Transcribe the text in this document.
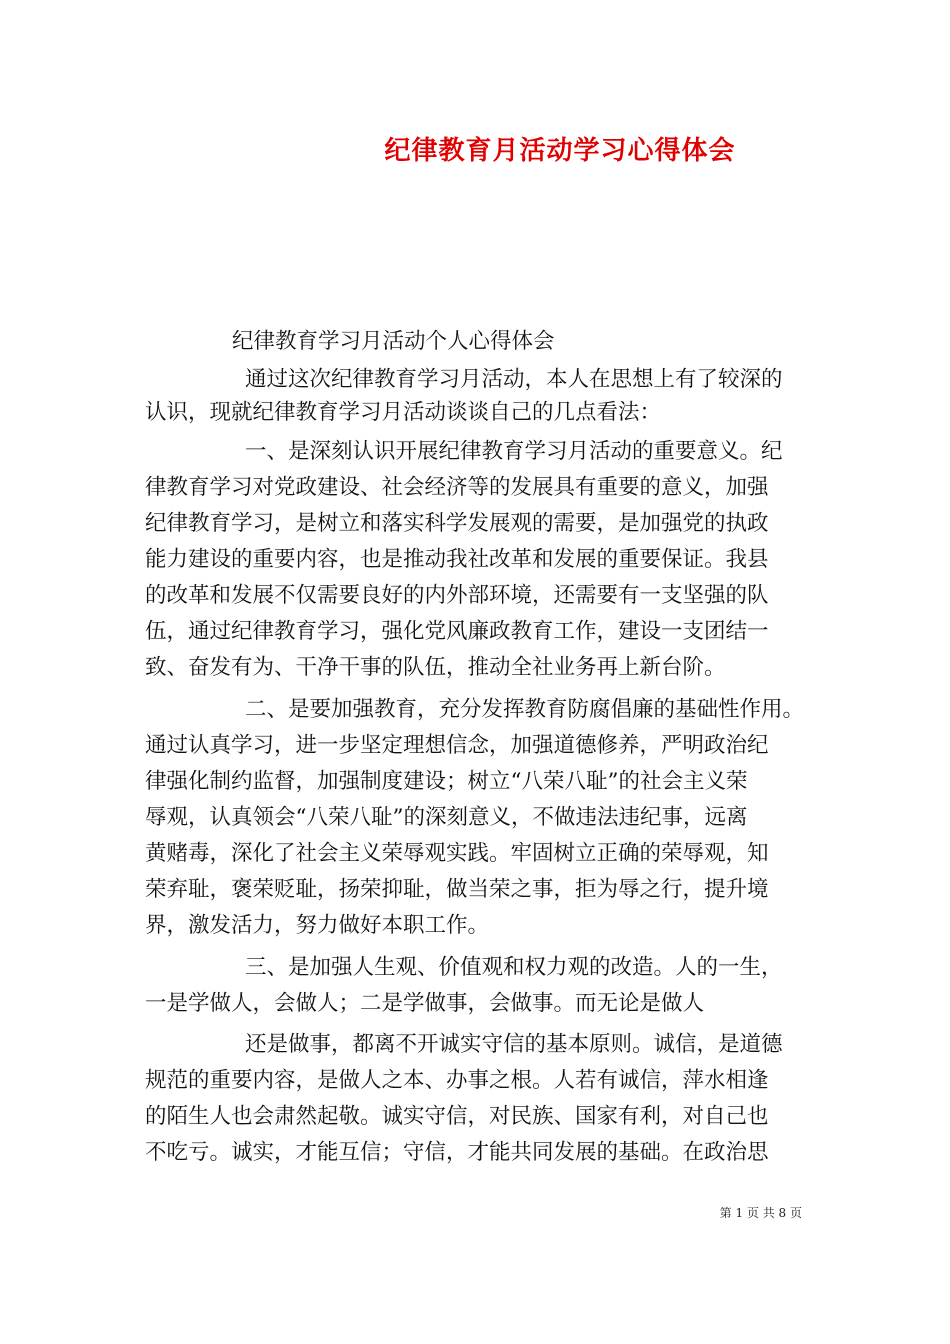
纪律教育月活动学习心得体会
纪律教育学习月活动个人心得体会
通过这次纪律教育学习月活动，本人在思想上有了较深的
认识，现就纪律教育学习月活动谈谈自己的几点看法：
一、是深刻认识开展纪律教育学习月活动的重要意义。纪
律教育学习对党政建设、社会经济等的发展具有重要的意义，加强
纪律教育学习，是树立和落实科学发展观的需要，是加强党的执政
能力建设的重要内容，也是推动我社改革和发展的重要保证。我县
的改革和发展不仅需要良好的内外部环境，还需要有一支坚强的队
伍，通过纪律教育学习，强化党风廉政教育工作，建设一支团结一
致、奋发有为、干净干事的队伍，推动全社业务再上新台阶。
二、是要加强教育，充分发挥教育防腐倡廉的基础性作用。
通过认真学习，进一步坚定理想信念，加强道德修养，严明政治纪
律强化制约监督，加强制度建设；树立“八荣八耻”的社会主义荣
辱观，认真领会“八荣八耻”的深刻意义，不做违法违纪事，远离
黄赌毒，深化了社会主义荣辱观实践。牢固树立正确的荣辱观，知
荣弃耻，褒荣贬耻，扬荣抑耻，做当荣之事，拒为辱之行，提升境
界，激发活力，努力做好本职工作。
三、是加强人生观、价值观和权力观的改造。人的一生，
一是学做人，会做人；二是学做事，会做事。而无论是做人
还是做事，都离不开诚实守信的基本原则。诚信，是道德
规范的重要内容，是做人之本、办事之根。人若有诚信，萍水相逢
的陌生人也会肃然起敬。诚实守信，对民族、国家有利，对自己也
不吃亏。诚实，才能互信；守信，才能共同发展的基础。在政治思
第 1 页 共 8 页
